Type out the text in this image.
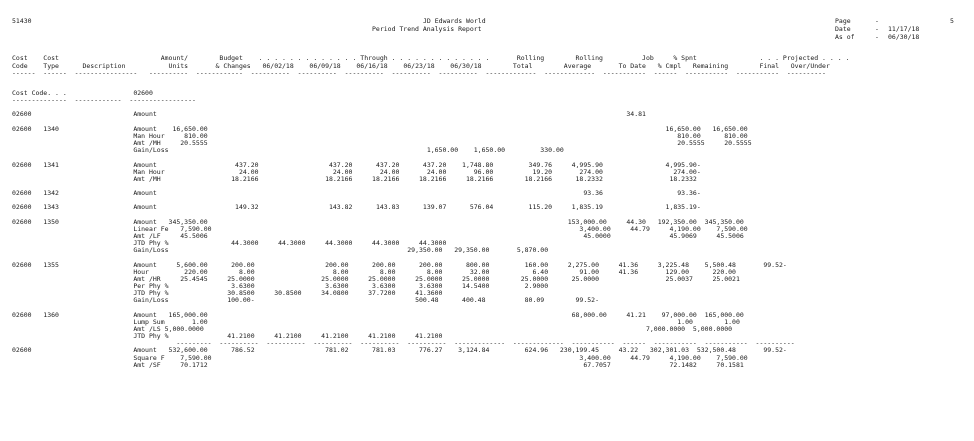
51430	JD Edwards World
Period Trend Analysis Report
Page	-	5
Date	- 11/17/18
As of	- 06/30/18
Cost    Cost                          Amount/        Budget    . . . . . . . . . . . . . Through . . . . . . . . . . . . .       Rolling        Rolling          Job     % Spnt                . . . Projected . . . .
Code    Type      Description           Units       & Changes   06/02/18    06/09/18    06/16/18    06/23/18    06/30/18        Total        Average       To Date   % Cmpl   Remaining        Final   Over/Under
------  ------  ----------------   ----------  ------------  ----------  ----------  ----------  ----------  ----------  -------------  -------------  -----------  ------  -----------  -----------  ----------
Cost Code. . .                 02600
--------------  ------------  -----------------
02600                          Amount                                                                                                                        34.81
02600   1340                   Amount    16,650.00                                                                                                                     16,650.00   16,650.00
Man Hour     810.00                                                                                                                        810.00      810.00
Amt /MH     20.5555                                                                                                                        20.5555     20.5555
Gain/Loss                                                                  1,650.00    1,650.00         330.00
02600   1341                   Amount                    437.20                  437.20      437.20      437.20    1,748.80         349.76     4,995.90                4,995.90-
Man Hour                   24.00                   24.00       24.00       24.00       96.00          19.20       274.00                  274.00-
Amt /MH                  18.2166                 18.2166     18.2166     18.2166     18.2166        18.2166      18.2332                 18.2332
02600   1342                   Amount                                                                                                             93.36                   93.36-
02600   1343                   Amount                    149.32                  143.82      143.83      139.07      576.04         115.20     1,835.19                1,835.19-
02600   1350                   Amount   345,350.00                                                                                            153,000.00     44.30   192,350.00  345,350.00
Linear Fe   7,590.00                                                                                              3,400.00     44.79     4,190.00    7,590.00
Amt /LF     45.5006                                                                                                45.0000               45.9069     45.5006
JTD Phy %                44.3000     44.3000     44.3000     44.3000     44.3000
Gain/Loss                                                             29,350.00   29,350.00       5,870.00
02600   1355                   Amount     5,600.00      200.00                  200.00      200.00      200.00      800.00         160.00     2,275.00     41.36     3,225.48    5,500.48       99.52-
Hour         220.00        8.00                    8.00        8.00        8.00       32.00           6.40        91.00     41.36       129.00      220.00
Amt /HR     25.4545     25.0000                 25.0000     25.0000     25.0000     25.0000        25.0000      25.0000                 25.0037     25.0021
Per Phy %                3.6300                  3.6300      3.6300      3.6300     14.5400         2.9000
JTD Phy %               30.8500     30.8500     34.0800     37.7200     41.3600
Gain/Loss               100.00-                                         500.48      400.48          80.09        99.52-
02600   1360                   Amount   165,000.00                                                                                             68,000.00     41.21    97,000.00  165,000.00
Lump Sum       1.00                                                                                                                        1.00        1.00
Amt /LS 5,000.0000                                                                                                                 7,000.0000  5,000.0000
JTD Phy %               41.2100     41.2100     41.2100     41.2100     41.2100
---------  ----------  ----------  ----------  ----------  ----------  -------------  -------------  -----------  ------  -----------  -----------  ----------
02600                          Amount   532,600.00      786.52                  781.02      781.03      776.27    3,124.84         624.96   230,199.45     43.22   302,301.03  532,500.48       99.52-
Square F    7,590.00                                                                                              3,400.00     44.79     4,190.00    7,590.00
Amt /SF     70.1712                                                                                                67.7057               72.1482     70.1581
